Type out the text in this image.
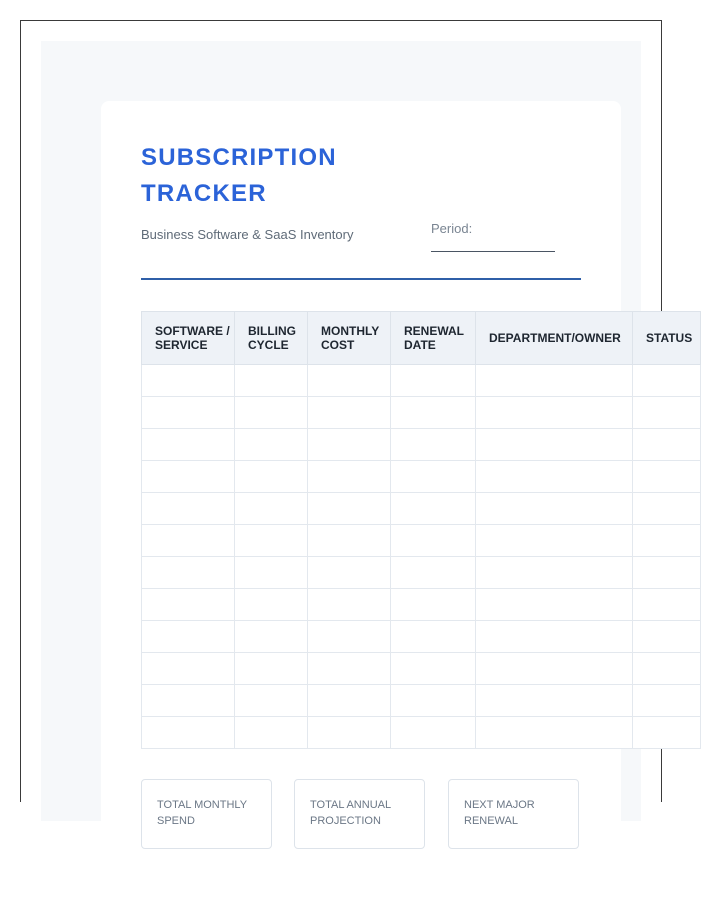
SUBSCRIPTION TRACKER
Business Software & SaaS Inventory	Period:
SOFTWARE / SERVICE	BILLING CYCLE	MONTHLY COST	RENEWAL DATE	DEPARTMENT/OWNER	STATUS

TOTAL MONTHLY SPEND
TOTAL ANNUAL PROJECTION
NEXT MAJOR RENEWAL
